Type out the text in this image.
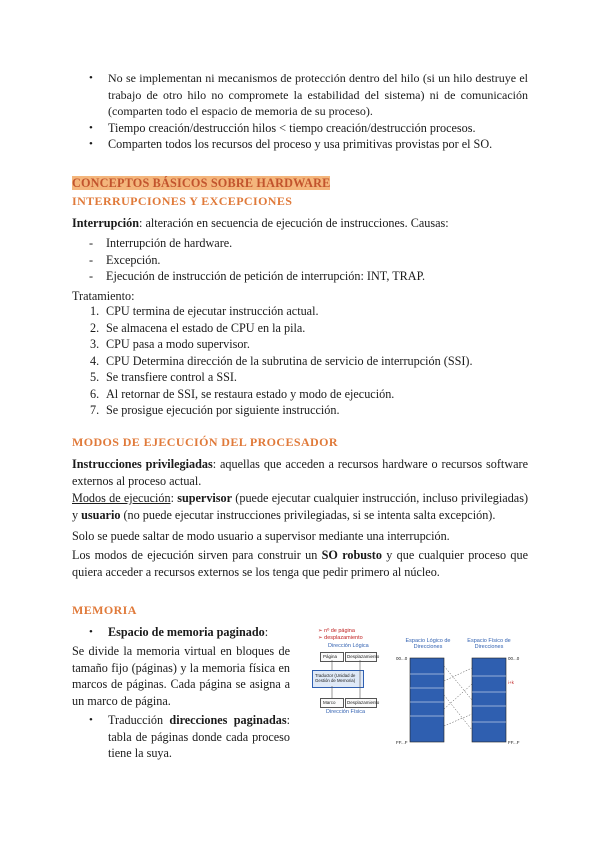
• No se implementan ni mecanismos de protección dentro del hilo (si un hilo destruye el trabajo de otro hilo no compromete la estabilidad del sistema) ni de comunicación (comparten todo el espacio de memoria de su proceso).
• Tiempo creación/destrucción hilos < tiempo creación/destrucción procesos.
• Comparten todos los recursos del proceso y usa primitivas provistas por el SO.
CONCEPTOS BÁSICOS SOBRE HARDWARE
INTERRUPCIONES Y EXCEPCIONES
Interrupción: alteración en secuencia de ejecución de instrucciones. Causas:
- Interrupción de hardware.
- Excepción.
- Ejecución de instrucción de petición de interrupción: INT, TRAP.
Tratamiento:
1. CPU termina de ejecutar instrucción actual.
2. Se almacena el estado de CPU en la pila.
3. CPU pasa a modo supervisor.
4. CPU Determina dirección de la subrutina de servicio de interrupción (SSI).
5. Se transfiere control a SSI.
6. Al retornar de SSI, se restaura estado y modo de ejecución.
7. Se prosigue ejecución por siguiente instrucción.
MODOS DE EJECUCIÓN DEL PROCESADOR
Instrucciones privilegiadas: aquellas que acceden a recursos hardware o recursos software externos al proceso actual.
Modos de ejecución: supervisor (puede ejecutar cualquier instrucción, incluso privilegiadas) y usuario (no puede ejecutar instrucciones privilegiadas, si se intenta salta excepción).
Solo se puede saltar de modo usuario a supervisor mediante una interrupción.
Los modos de ejecución sirven para construir un SO robusto y que cualquier proceso que quiera acceder a recursos externos se los tenga que pedir primero al núcleo.
MEMORIA
• Espacio de memoria paginado:
Se divide la memoria virtual en bloques de tamaño fijo (páginas) y la memoria física en marcos de páginas. Cada página se asigna a un marco de página.
• Traducción direcciones paginadas: tabla de páginas donde cada proceso tiene la suya.
➢ nº de página
➢ desplazamiento
Dirección Lógica
Página Desplazamiento
Traductor (Unidad de Gestión de Memoria)
Marco	Desplazamiento
Dirección Física
Espacio Lógico de Direcciones
Espacio Físico de Direcciones
00...0	00...0
i+k
FF...F	FF...F
